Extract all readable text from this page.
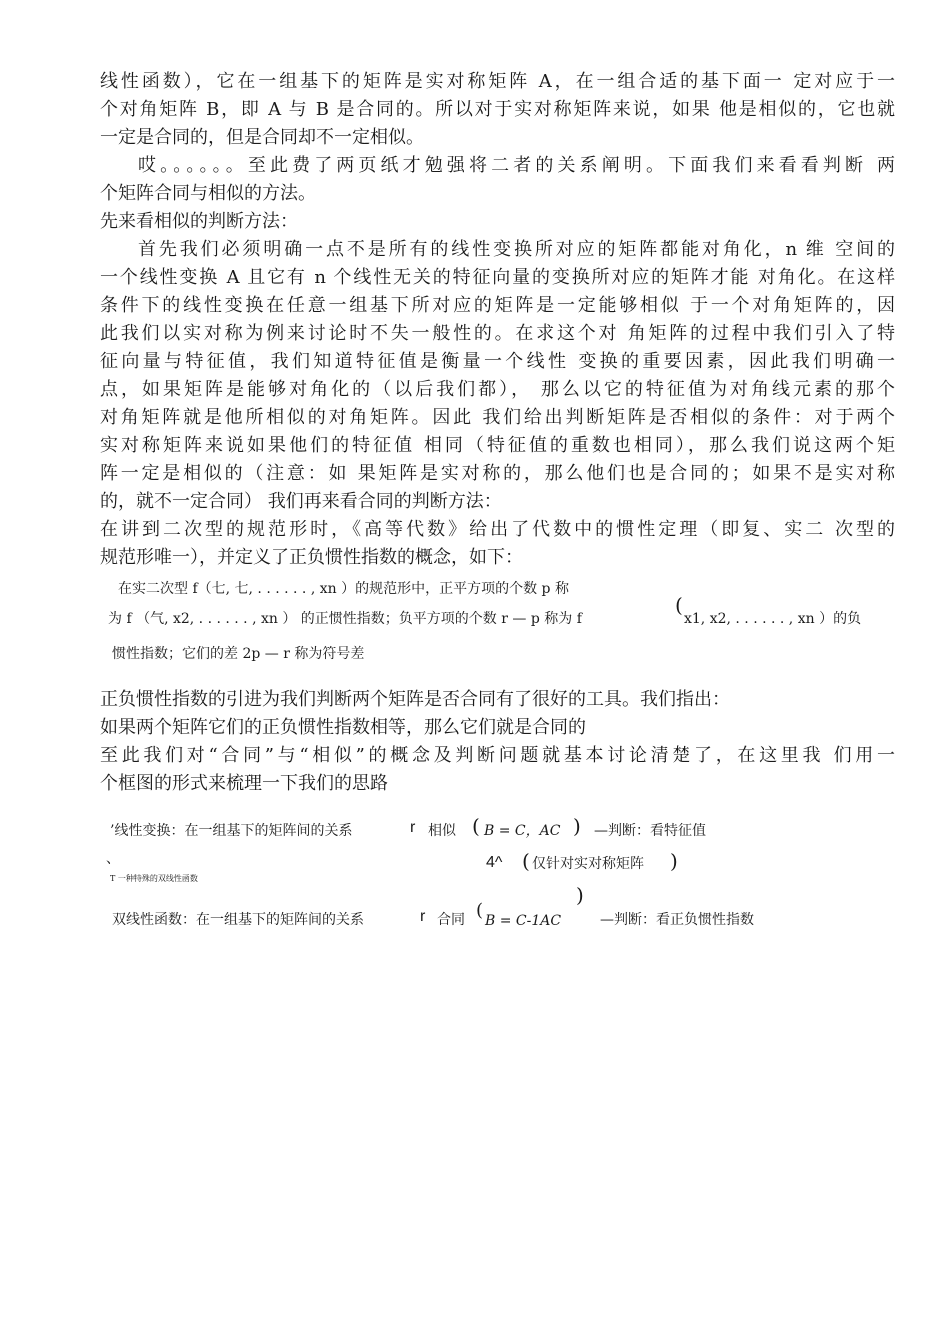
线性函数），它在一组基下的矩阵是实对称矩阵 A，在一组合适的基下面一 定对应于一
个对角矩阵 B，即 A 与 B 是合同的。所以对于实对称矩阵来说，如果 他是相似的，它也就
一定是合同的，但是合同却不一定相似。
哎。。。。。。至此费了两页纸才勉强将二者的关系阐明。下面我们来看看判断 两
个矩阵合同与相似的方法。
先来看相似的判断方法：
首先我们必须明确一点不是所有的线性变换所对应的矩阵都能对角化，n 维 空间的
一个线性变换 A 且它有 n 个线性无关的特征向量的变换所对应的矩阵才能 对角化。在这样
条件下的线性变换在任意一组基下所对应的矩阵是一定能够相似 于一个对角矩阵的，因
此我们以实对称为例来讨论时不失一般性的。在求这个对 角矩阵的过程中我们引入了特
征向量与特征值，我们知道特征值是衡量一个线性 变换的重要因素，因此我们明确一
点，如果矩阵是能够对角化的（以后我们都）， 那么以它的特征值为对角线元素的那个
对角矩阵就是他所相似的对角矩阵。因此 我们给出判断矩阵是否相似的条件：对于两个
实对称矩阵来说如果他们的特征值 相同（特征值的重数也相同），那么我们说这两个矩
阵一定是相似的（注意：如 果矩阵是实对称的，那么他们也是合同的；如果不是实对称
的，就不一定合同） 我们再来看合同的判断方法：
在讲到二次型的规范形时，《高等代数》给出了代数中的惯性定理（即复、实二 次型的
规范形唯一），并定义了正负惯性指数的概念，如下：
在实二次型 f（七, 七, . . . . . . , xn ）的规范形中，正平方项的个数 p 称
为 f （气, x2, . . . . . . , xn ） 的正惯性指数；负平方项的个数 r — p 称为 f
(
x1, x2, . . . . . . , xn ）的负
惯性指数；它们的差 2p — r 称为符号差
正负惯性指数的引进为我们判断两个矩阵是否合同有了很好的工具。我们指出：
如果两个矩阵它们的正负惯性指数相等，那么它们就是合同的
至此我们对“合同”与“相似”的概念及判断问题就基本讨论清楚了，在这里我 们用一
个框图的形式来梳理一下我们的思路
’线性变换：在一组基下的矩阵间的关系	r 相似 ( B = C，AC ) —判断：看特征值
、	4^ ( 仅针对实对称矩阵 )
T 一种特殊的双线性函数
)
双线性函数：在一组基下的矩阵间的关系	r 合同 ( B = C-1AC	—判断：看正负惯性指数
